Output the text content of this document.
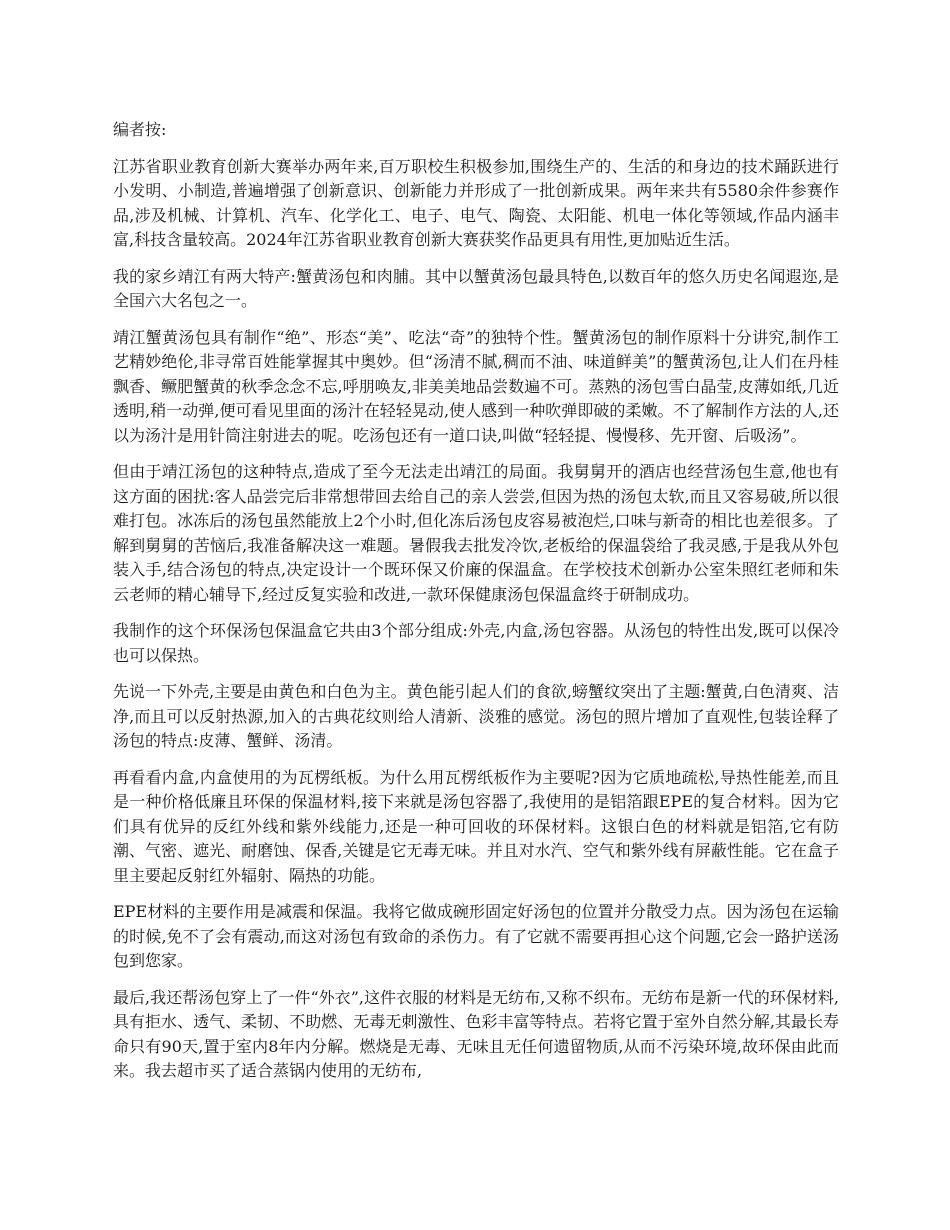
编者按:

江苏省职业教育创新大赛举办两年来,百万职校生积极参加,围绕生产的、生活的和身边的技术踊跃进行小发明、小制造,普遍增强了创新意识、创新能力并形成了一批创新成果。两年来共有5580余件参赛作品,涉及机械、计算机、汽车、化学化工、电子、电气、陶瓷、太阳能、机电一体化等领域,作品内涵丰富,科技含量较高。2024年江苏省职业教育创新大赛获奖作品更具有用性,更加贴近生活。

我的家乡靖江有两大特产:蟹黄汤包和肉脯。其中以蟹黄汤包最具特色,以数百年的悠久历史名闻遐迩,是全国六大名包之一。

靖江蟹黄汤包具有制作“绝”、形态“美”、吃法“奇”的独特个性。蟹黄汤包的制作原料十分讲究,制作工艺精妙绝伦,非寻常百姓能掌握其中奥妙。但“汤清不腻,稠而不油、味道鲜美”的蟹黄汤包,让人们在丹桂飘香、鳜肥蟹黄的秋季念念不忘,呼朋唤友,非美美地品尝数遍不可。蒸熟的汤包雪白晶莹,皮薄如纸,几近透明,稍一动弹,便可看见里面的汤汁在轻轻晃动,使人感到一种吹弹即破的柔嫩。不了解制作方法的人,还以为汤汁是用针筒注射进去的呢。吃汤包还有一道口诀,叫做“轻轻提、慢慢移、先开窗、后吸汤”。

但由于靖江汤包的这种特点,造成了至今无法走出靖江的局面。我舅舅开的酒店也经营汤包生意,他也有这方面的困扰:客人品尝完后非常想带回去给自己的亲人尝尝,但因为热的汤包太软,而且又容易破,所以很难打包。冰冻后的汤包虽然能放上2个小时,但化冻后汤包皮容易被泡烂,口味与新奇的相比也差很多。了解到舅舅的苦恼后,我准备解决这一难题。暑假我去批发冷饮,老板给的保温袋给了我灵感,于是我从外包装入手,结合汤包的特点,决定设计一个既环保又价廉的保温盒。在学校技术创新办公室朱照红老师和朱云老师的精心辅导下,经过反复实验和改进,一款环保健康汤包保温盒终于研制成功。

我制作的这个环保汤包保温盒它共由3个部分组成:外壳,内盒,汤包容器。从汤包的特性出发,既可以保冷也可以保热。

先说一下外壳,主要是由黄色和白色为主。黄色能引起人们的食欲,螃蟹纹突出了主题:蟹黄,白色清爽、洁净,而且可以反射热源,加入的古典花纹则给人清新、淡雅的感觉。汤包的照片增加了直观性,包装诠释了汤包的特点:皮薄、蟹鲜、汤清。

再看看内盒,内盒使用的为瓦楞纸板。为什么用瓦楞纸板作为主要呢?因为它质地疏松,导热性能差,而且是一种价格低廉且环保的保温材料,接下来就是汤包容器了,我使用的是铝箔跟EPE的复合材料。因为它们具有优异的反红外线和紫外线能力,还是一种可回收的环保材料。这银白色的材料就是铝箔,它有防潮、气密、遮光、耐磨蚀、保香,关键是它无毒无味。并且对水汽、空气和紫外线有屏蔽性能。它在盒子里主要起反射红外辐射、隔热的功能。

EPE材料的主要作用是减震和保温。我将它做成碗形固定好汤包的位置并分散受力点。因为汤包在运输的时候,免不了会有震动,而这对汤包有致命的杀伤力。有了它就不需要再担心这个问题,它会一路护送汤包到您家。

最后,我还帮汤包穿上了一件“外衣”,这件衣服的材料是无纺布,又称不织布。无纺布是新一代的环保材料,具有拒水、透气、柔韧、不助燃、无毒无刺激性、色彩丰富等特点。若将它置于室外自然分解,其最长寿命只有90天,置于室内8年内分解。燃烧是无毒、无味且无任何遗留物质,从而不污染环境,故环保由此而来。我去超市买了适合蒸锅内使用的无纺布,
